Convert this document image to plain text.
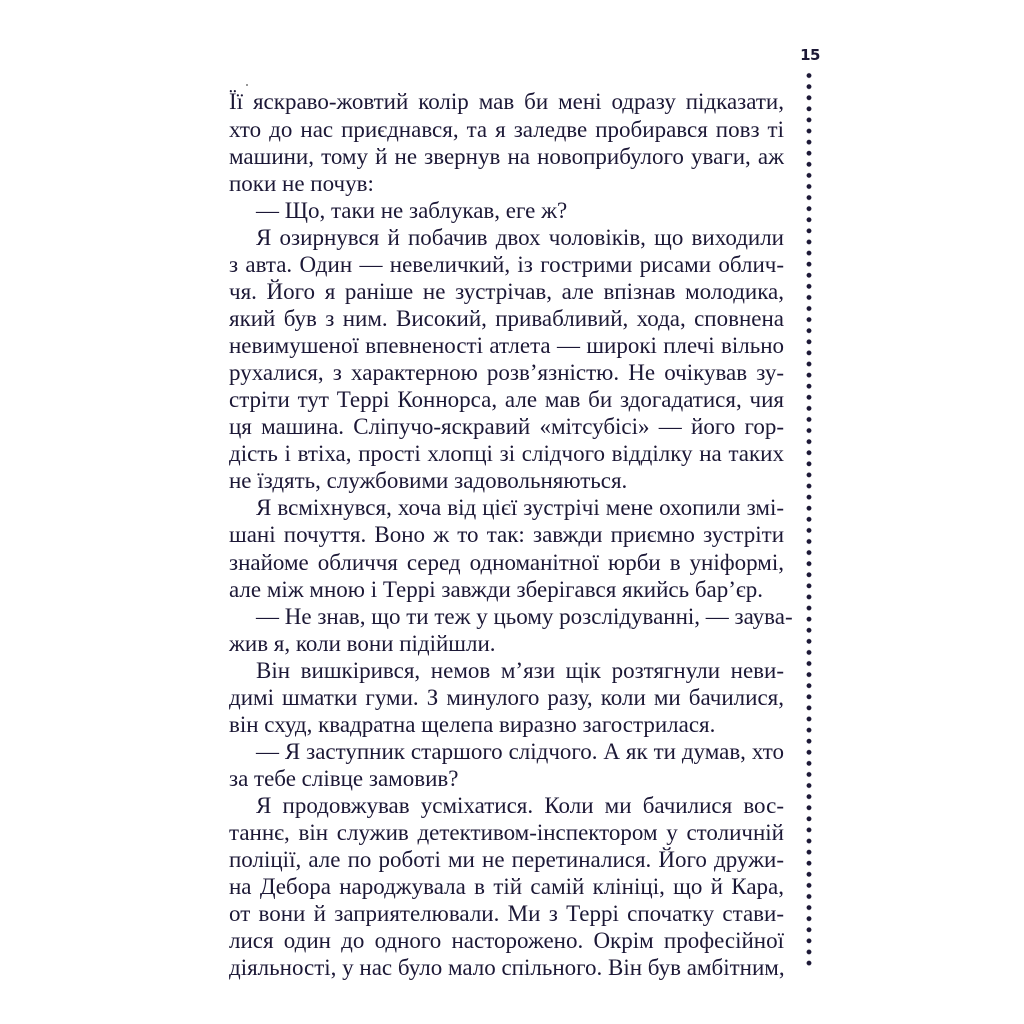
15
Її яскраво-жовтий колір мав би мені одразу підказати,
хто до нас приєднався, та я заледве пробирався повз ті
машини, тому й не звернув на новоприбулого уваги, аж
поки не почув:
— Що, таки не заблукав, еге ж?
Я озирнувся й побачив двох чоловіків, що виходили
з авта. Один — невеличкий, із гострими рисами облич-
чя. Його я раніше не зустрічав, але впізнав молодика,
який був з ним. Високий, привабливий, хода, сповнена
невимушеної впевненості атлета — широкі плечі вільно
рухалися, з характерною розв’язністю. Не очікував зу-
стріти тут Террі Коннорса, але мав би здогадатися, чия
ця машина. Сліпучо-яскравий «мітсубісі» — його гор-
дість і втіха, прості хлопці зі слідчого відділку на таких
не їздять, службовими задовольняються.
Я всміхнувся, хоча від цієї зустрічі мене охопили змі-
шані почуття. Воно ж то так: завжди приємно зустріти
знайоме обличчя серед одноманітної юрби в уніформі,
але між мною і Террі завжди зберігався якийсь бар’єр.
— Не знав, що ти теж у цьому розслідуванні, — заува-
жив я, коли вони підійшли.
Він вишкірився, немов м’язи щік розтягнули неви-
димі шматки гуми. З минулого разу, коли ми бачилися,
він схуд, квадратна щелепа виразно загострилася.
— Я заступник старшого слідчого. А як ти думав, хто
за тебе слівце замовив?
Я продовжував усміхатися. Коли ми бачилися вос-
таннє, він служив детективом-інспектором у столичній
поліції, але по роботі ми не перетиналися. Його дружи-
на Дебора народжувала в тій самій клініці, що й Кара,
от вони й заприятелювали. Ми з Террі спочатку стави-
лися один до одного насторожено. Окрім професійної
діяльності, у нас було мало спільного. Він був амбітним,
